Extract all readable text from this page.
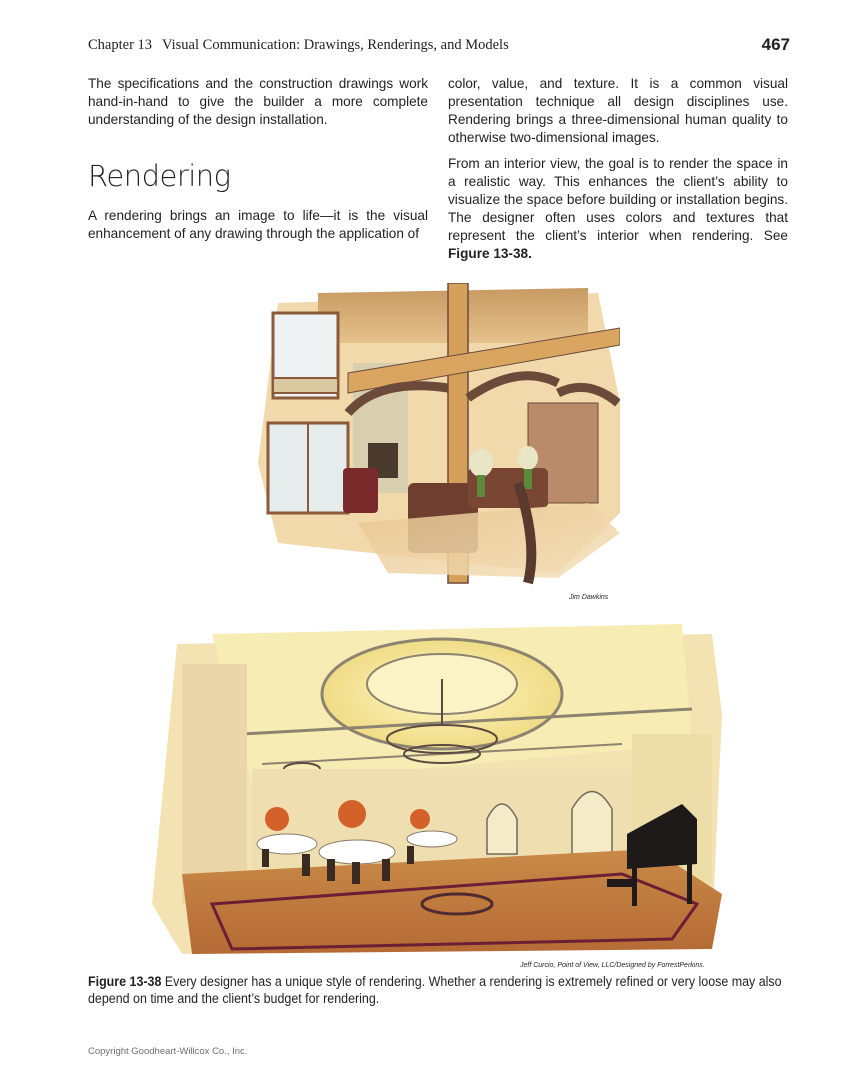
Chapter 13 Visual Communication: Drawings, Renderings, and Models	467

The specifications and the construction drawings work hand-in-hand to give the builder a more complete understanding of the design installation.

Rendering

A rendering brings an image to life—it is the visual enhancement of any drawing through the application of

color, value, and texture. It is a common visual presentation technique all design disciplines use. Rendering brings a three-dimensional human quality to otherwise two-dimensional images.

From an interior view, the goal is to render the space in a realistic way. This enhances the client’s ability to visualize the space before building or installation begins. The designer often uses colors and textures that represent the client’s interior when rendering. See Figure 13-38.

Jim Dawkins
Jeff Curcio, Point of View, LLC/Designed by ForrestPerkins.
Figure 13-38 Every designer has a unique style of rendering. Whether a rendering is extremely refined or very loose may also depend on time and the client’s budget for rendering.
Copyright Goodheart-Willcox Co., Inc.
